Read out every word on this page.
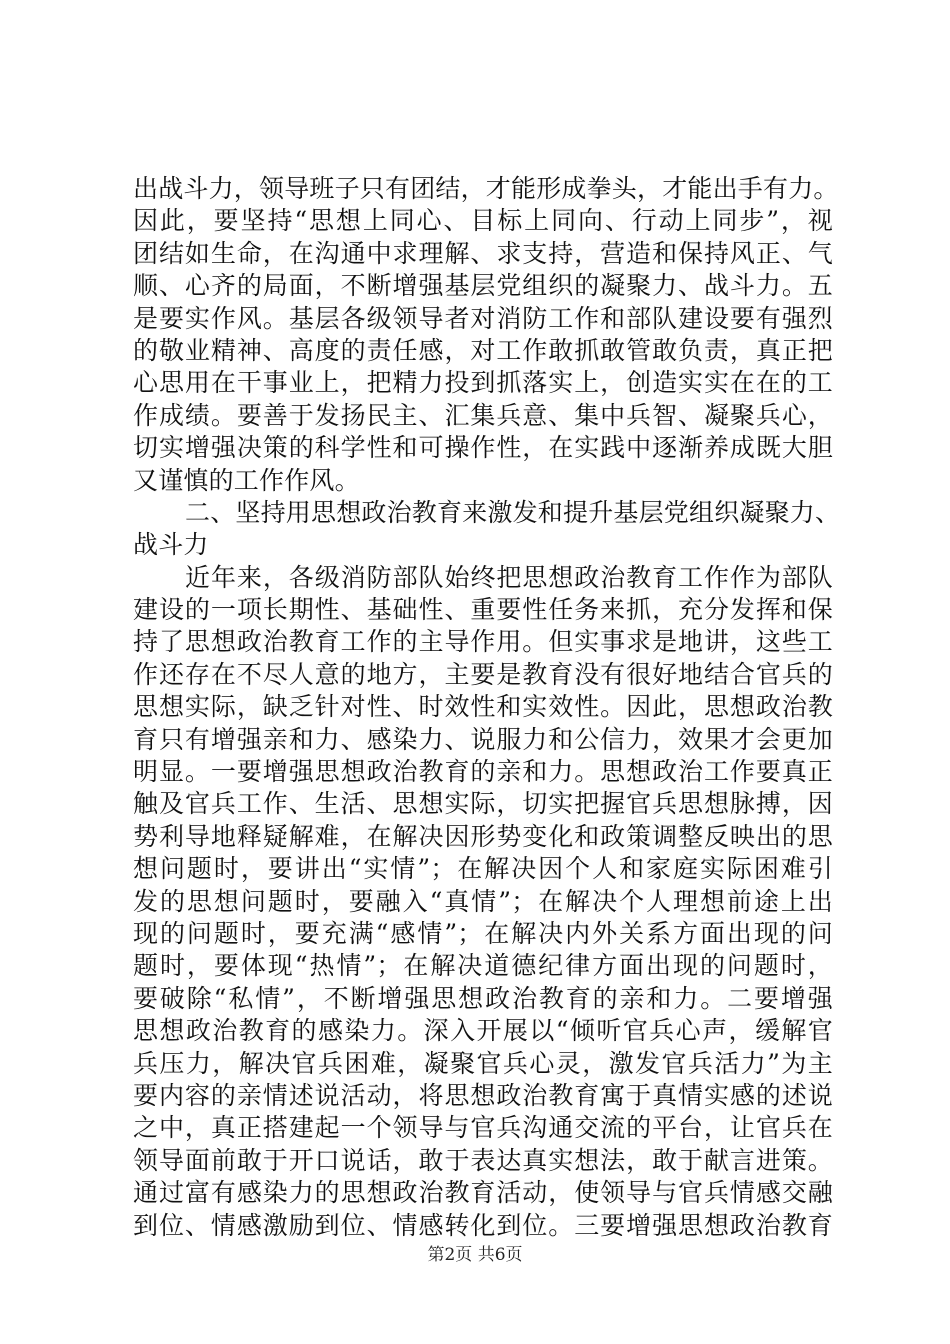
出战斗力，领导班子只有团结，才能形成拳头，才能出手有力。
因此，要坚持“思想上同心、目标上同向、行动上同步”，视
团结如生命，在沟通中求理解、求支持，营造和保持风正、气
顺、心齐的局面，不断增强基层党组织的凝聚力、战斗力。五
是要实作风。基层各级领导者对消防工作和部队建设要有强烈
的敬业精神、高度的责任感，对工作敢抓敢管敢负责，真正把
心思用在干事业上，把精力投到抓落实上，创造实实在在的工
作成绩。要善于发扬民主、汇集兵意、集中兵智、凝聚兵心，
切实增强决策的科学性和可操作性，在实践中逐渐养成既大胆
又谨慎的工作作风。
二、坚持用思想政治教育来激发和提升基层党组织凝聚力、
战斗力
近年来，各级消防部队始终把思想政治教育工作作为部队
建设的一项长期性、基础性、重要性任务来抓，充分发挥和保
持了思想政治教育工作的主导作用。但实事求是地讲，这些工
作还存在不尽人意的地方，主要是教育没有很好地结合官兵的
思想实际，缺乏针对性、时效性和实效性。因此，思想政治教
育只有增强亲和力、感染力、说服力和公信力，效果才会更加
明显。一要增强思想政治教育的亲和力。思想政治工作要真正
触及官兵工作、生活、思想实际，切实把握官兵思想脉搏，因
势利导地释疑解难，在解决因形势变化和政策调整反映出的思
想问题时，要讲出“实情”；在解决因个人和家庭实际困难引
发的思想问题时，要融入“真情”；在解决个人理想前途上出
现的问题时，要充满“感情”；在解决内外关系方面出现的问
题时，要体现“热情”；在解决道德纪律方面出现的问题时，
要破除“私情”，不断增强思想政治教育的亲和力。二要增强
思想政治教育的感染力。深入开展以“倾听官兵心声，缓解官
兵压力，解决官兵困难，凝聚官兵心灵，激发官兵活力”为主
要内容的亲情述说活动，将思想政治教育寓于真情实感的述说
之中，真正搭建起一个领导与官兵沟通交流的平台，让官兵在
领导面前敢于开口说话，敢于表达真实想法，敢于献言进策。
通过富有感染力的思想政治教育活动，使领导与官兵情感交融
到位、情感激励到位、情感转化到位。三要增强思想政治教育
第2页 共6页
